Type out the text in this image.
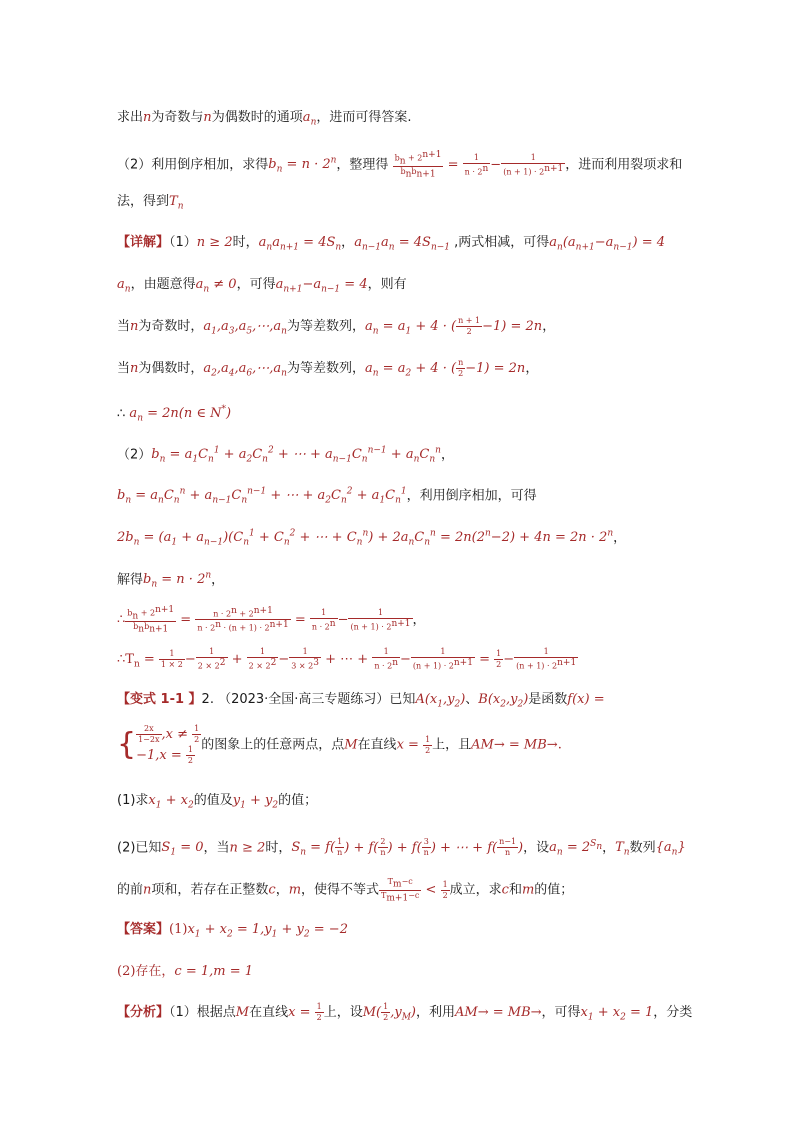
求出n为奇数与n为偶数时的通项$a_n$，进而可得答案.
（2）利用倒序相加，求得$b_n = n \cdot 2^n$，整理得 $\frac{b_n + 2^{n+1}}{b_nb_{n+1}} = \frac{1}{n \cdot 2^n} - \frac{1}{(n + 1) \cdot 2^{n+1}}$ ，进而利用裂项求和
法，得到$T_n$
【详解】（1）n ≥ 2时，$a_na_{n+1} = 4S_n$，$a_{n-1}a_n = 4S_{n-1}$ ,两式相减，可得$a_n(a_{n+1}-a_{n-1}) = 4$
$a_n$，由题意得$a_n \ne 0$，可得$a_{n+1}-a_{n-1} = 4$，则有
当n为奇数时，$a_1,a_3,a_5,\cdots,a_n$为等差数列，$a_n = a_1 + 4$ · ( $\frac{n + 1}{2} -1) = 2n$，
当n为偶数时，$a_2,a_4,a_6,\cdots,a_n$为等差数列，$a_n = a_2 + 4$ · ( $\frac{n}{2} -1) = 2n$，
∴ $a_n = 2n(n$ ∈ N*)
$(2)b_n = a_1C_n^1 + a_2C_n^2$ + ⋯ + $a_{n-1}C_n^{n-1} + a_nC_n^n$，
$b_n = a_nC_n^n + a_{n-1}C_n^{n-1}$ + ⋯ + $a_2C_n^2 + a_1C_n^1$，利用倒序相加，可得
$2b_n = (a_1 + a_{n-1})(C_n^1 + C_n^2$ + ⋯ + $C_n^n) + 2a_nC_n^n = 2n(2^n-2) + 4n = 2n \cdot 2^n$，
解得$b_n = n \cdot 2^n$，
∴ $\frac{b_n + 2^{n+1}}{b_nb_{n+1}} = \frac{n \cdot 2^n + 2^{n+1}}{n \cdot 2^n \cdot (n + 1) \cdot 2^{n+1}} = \frac{1}{n \cdot 2^n} - \frac{1}{(n + 1) \cdot 2^{n+1}}$ ，
$\therefore T_n = \frac{1}{1 \times 2} - \frac{1}{2 \times 2^2} + \frac{1}{2 \times 2^2} - \frac{1}{3 \times 2^3}$ + ⋯ + $\frac{1}{n \cdot 2^n} - \frac{1}{(n + 1) \cdot 2^{n+1}} = \frac{1}{2} - \frac{1}{(n + 1) \cdot 2^{n+1}}$
【变式 1-1 】2. （2023·全国·高三专题练习）已知$A(x_1,y_2)$、$B(x_2,y_2)$是函数f(x) =
{ $\frac{2x}{1-2x} ,x \ne \frac{1}{2}$
$-1,x = \frac{1}{2}$ 的图象上的任意两点，点M在直线$x = \frac{1}{2}$ 上，且AM→ = MB→.
(1)求$x_1 + x_2$的值及$y_1 + y_2$的值；
(2)已知$S_1 = 0$，当n ≥ 2时，$S_n = f( \frac{1}{n}$ ) + $f( \frac{2}{n}$ ) + $f( \frac{3}{n}$ ) + ⋯ + $f( \frac{n-1}{n}$ )，设$a_n = 2^{S_n}$，$T_n$数列$\{a_n\}$
的前n项和，若存在正整数c，m，使得不等式 $\frac{T_m-c}{T_{m+1}-c} < \frac{1}{2}$ 成立，求c和m的值；
【答案】$(1)x_1 + x_2 = 1,y_1 + y_2 = -2$
(2)存在，c = 1,m = 1
【分析】（1）根据点M在直线$x = \frac{1}{2}$ 上，设$M( \frac{1}{2} ,y_M)$，利用AM→ = MB→，可得$x_1 + x_2 = 1$，分类
